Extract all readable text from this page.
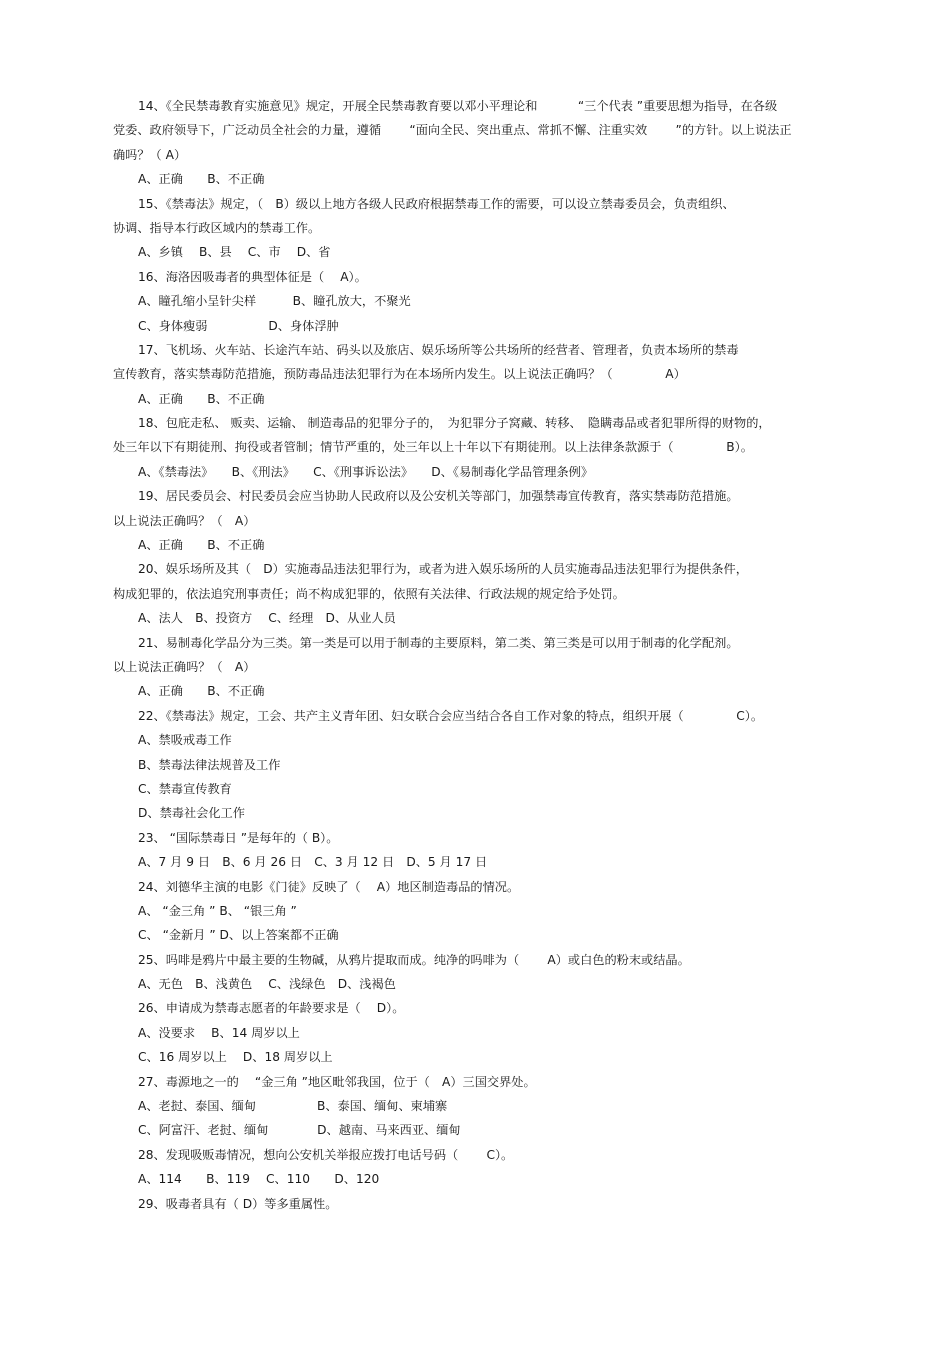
14、《全民禁毒教育实施意见》规定，开展全民禁毒教育要以邓小平理论和　　　 “三个代表 ”重要思想为指导，在各级
党委、政府领导下，广泛动员全社会的力量，遵循　　 “面向全民、突出重点、常抓不懈、注重实效　　 ”的方针。以上说法正
确吗？（ A）
A、正确　　B、不正确
15、《禁毒法》规定，（　B）级以上地方各级人民政府根据禁毒工作的需要，可以设立禁毒委员会，负责组织、
协调、指导本行政区域内的禁毒工作。
A、乡镇　 B、县　 C、市　 D、省
16、海洛因吸毒者的典型体征是（　 A）。
A、瞳孔缩小呈针尖样　　　B、瞳孔放大，不聚光
C、身体瘦弱　　　　　D、身体浮肿
17、飞机场、火车站、长途汽车站、码头以及旅店、娱乐场所等公共场所的经营者、管理者，负责本场所的禁毒
宣传教育，落实禁毒防范措施，预防毒品违法犯罪行为在本场所内发生。以上说法正确吗？（　　　　 A）
A、正确　　B、不正确
18、包庇走私、 贩卖、运输、 制造毒品的犯罪分子的，　为犯罪分子窝藏、转移、　隐瞒毒品或者犯罪所得的财物的，
处三年以下有期徒刑、拘役或者管制；情节严重的，处三年以上十年以下有期徒刑。以上法律条款源于（　　　　 B）。
A、《禁毒法》　　B、《刑法》　　C、《刑事诉讼法》　　D、《易制毒化学品管理条例》
19、居民委员会、村民委员会应当协助人民政府以及公安机关等部门，加强禁毒宣传教育，落实禁毒防范措施。
以上说法正确吗？（　A）
A、正确　　B、不正确
20、娱乐场所及其（　D）实施毒品违法犯罪行为，或者为进入娱乐场所的人员实施毒品违法犯罪行为提供条件，
构成犯罪的，依法追究刑事责任；尚不构成犯罪的，依照有关法律、行政法规的规定给予处罚。
A、法人　B、投资方　 C、经理　D、从业人员
21、易制毒化学品分为三类。第一类是可以用于制毒的主要原料，第二类、第三类是可以用于制毒的化学配剂。
以上说法正确吗？（　A）
A、正确　　B、不正确
22、《禁毒法》规定，工会、共产主义青年团、妇女联合会应当结合各自工作对象的特点，组织开展（　　　　 C）。
A、禁吸戒毒工作
B、禁毒法律法规普及工作
C、禁毒宣传教育
D、禁毒社会化工作
23、 “国际禁毒日 ”是每年的（ B）。
A、7 月 9 日　B、6 月 26 日　C、3 月 12 日　D、5 月 17 日
24、刘德华主演的电影《门徒》反映了（　 A）地区制造毒品的情况。
A、 “金三角 ” B、 “银三角 ”
C、 “金新月 ” D、以上答案都不正确
25、吗啡是鸦片中最主要的生物碱，从鸦片提取而成。纯净的吗啡为（　　 A）或白色的粉末或结晶。
A、无色　B、浅黄色　 C、浅绿色　D、浅褐色
26、申请成为禁毒志愿者的年龄要求是（　 D）。
A、没要求　 B、14 周岁以上
C、16 周岁以上　 D、18 周岁以上
27、毒源地之一的　 “金三角 ”地区毗邻我国，位于（　A）三国交界处。
A、老挝、泰国、缅甸　　　　　B、泰国、缅甸、柬埔寨
C、阿富汗、老挝、缅甸　　　　D、越南、马来西亚、缅甸
28、发现吸贩毒情况，想向公安机关举报应拨打电话号码（　　 C）。
A、114　　B、119　 C、110　　D、120
29、吸毒者具有（ D）等多重属性。
